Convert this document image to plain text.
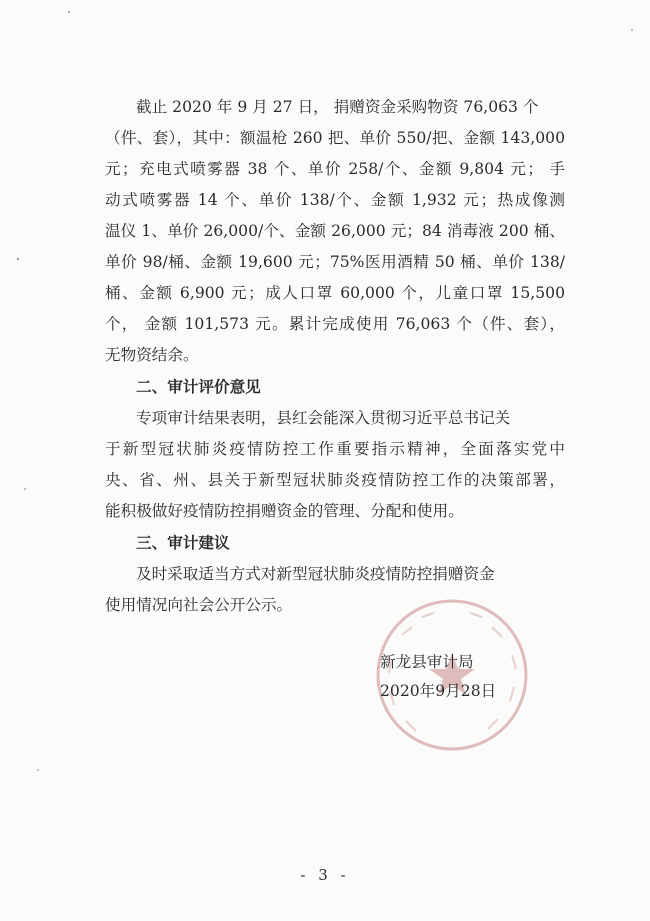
截止 2020 年 9 月 27 日， 捐赠资金采购物资 76,063 个
（件、套），其中：额温枪 260 把、单价 550/把、金额 143,000
元；充电式喷雾器 38 个、单价 258/个、金额 9,804 元； 手
动式喷雾器 14 个、单价 138/个、金额 1,932 元；热成像测
温仪 1、单价 26,000/个、金额 26,000 元；84 消毒液 200 桶、
单价 98/桶、金额 19,600 元；75%医用酒精 50 桶、单价 138/
桶、金额 6,900 元；成人口罩 60,000 个，儿童口罩 15,500
个， 金额 101,573 元。累计完成使用 76,063 个（件、套），
无物资结余。
二、审计评价意见
专项审计结果表明，县红会能深入贯彻习近平总书记关
于新型冠状肺炎疫情防控工作重要指示精神，全面落实党中
央、省、州、县关于新型冠状肺炎疫情防控工作的决策部署，
能积极做好疫情防控捐赠资金的管理、分配和使用。
三、审计建议
及时采取适当方式对新型冠状肺炎疫情防控捐赠资金
使用情况向社会公开公示。
新龙县审计局
2020年9月28日
- 3 -
